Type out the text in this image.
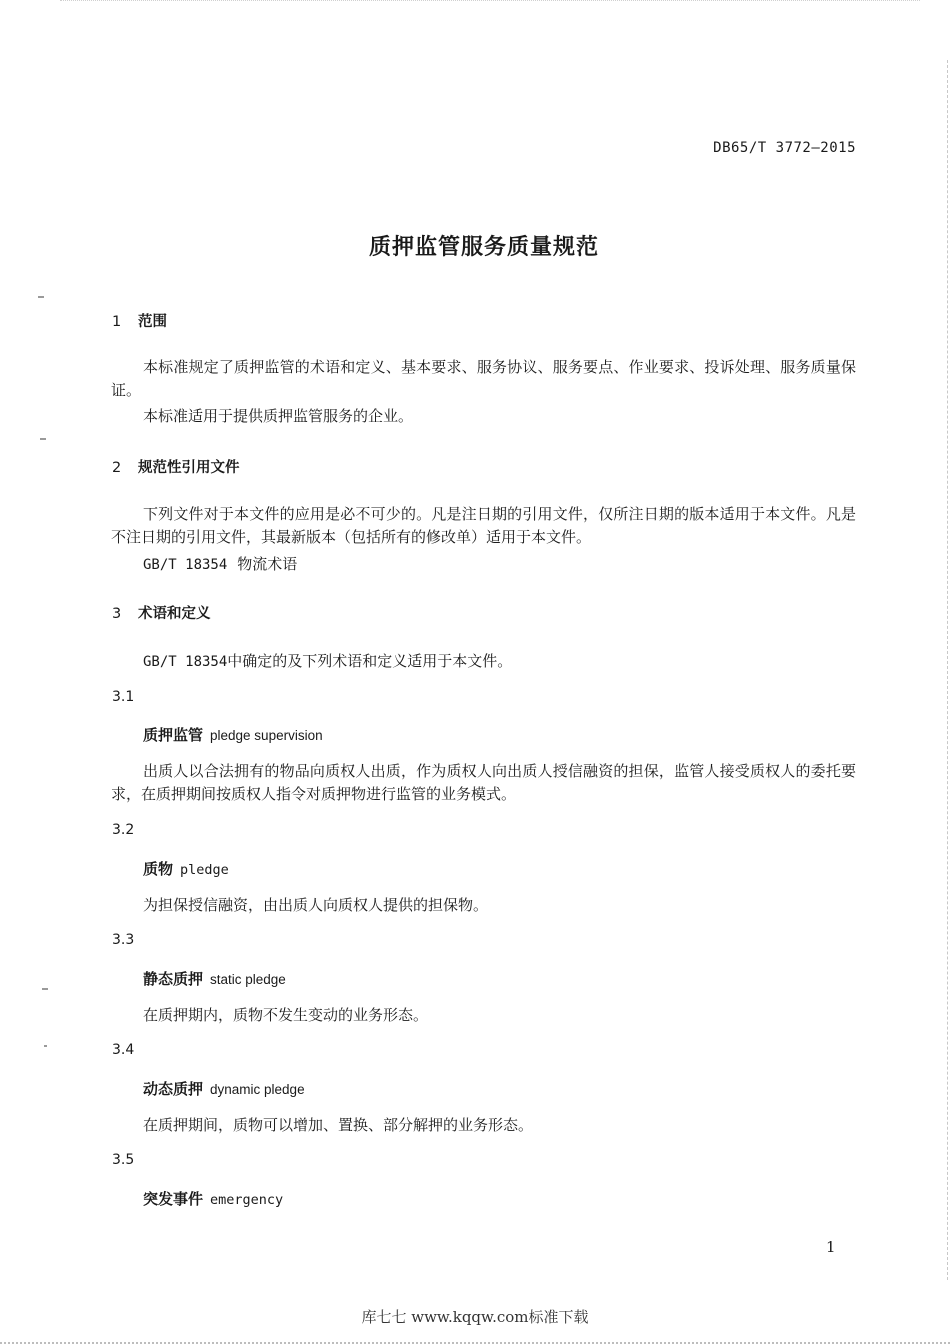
DB65/T 3772—2015
质押监管服务质量规范
1 范围
本标准规定了质押监管的术语和定义、基本要求、服务协议、服务要点、作业要求、投诉处理、服务质量保证。
本标准适用于提供质押监管服务的企业。
2 规范性引用文件
下列文件对于本文件的应用是必不可少的。凡是注日期的引用文件，仅所注日期的版本适用于本文件。凡是不注日期的引用文件，其最新版本（包括所有的修改单）适用于本文件。
GB/T 18354 物流术语
3 术语和定义
GB/T 18354中确定的及下列术语和定义适用于本文件。
3.1
质押监管 pledge supervision
出质人以合法拥有的物品向质权人出质，作为质权人向出质人授信融资的担保，监管人接受质权人的委托要求，在质押期间按质权人指令对质押物进行监管的业务模式。
3.2
质物 pledge
为担保授信融资，由出质人向质权人提供的担保物。
3.3
静态质押 static pledge
在质押期内，质物不发生变动的业务形态。
3.4
动态质押 dynamic pledge
在质押期间，质物可以增加、置换、部分解押的业务形态。
3.5
突发事件 emergency
1
库七七 www.kqqw.com标准下载
